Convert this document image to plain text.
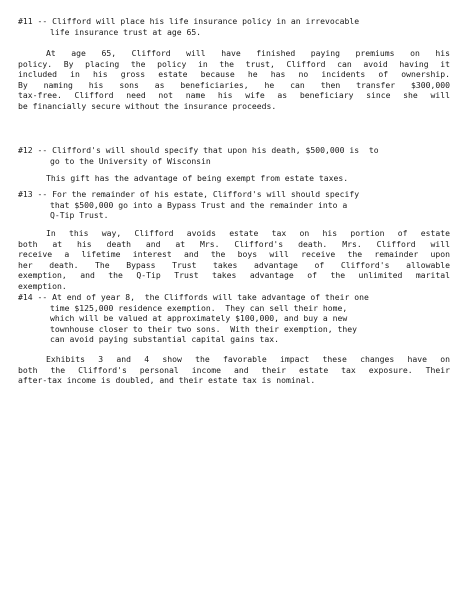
#11 -- Clifford will place his life insurance policy in an irrevocable
life insurance trust at age 65.
At age 65, Clifford will have finished paying premiums on his
policy. By placing the policy in the trust, Clifford can avoid having it
included in his gross estate because he has no incidents of ownership.
By naming his sons as beneficiaries, he can then transfer $300,000
tax-free. Clifford need not name his wife as beneficiary since she will
be financially secure without the insurance proceeds.
#12 -- Clifford's will should specify that upon his death, $500,000 is  to
go to the University of Wisconsin
This gift has the advantage of being exempt from estate taxes.
#13 -- For the remainder of his estate, Clifford's will should specify
that $500,000 go into a Bypass Trust and the remainder into a
Q-Tip Trust.
In this way, Clifford avoids estate tax on his portion of estate
both at his death and at Mrs. Clifford's death. Mrs. Clifford will
receive a lifetime interest and the boys will receive the remainder upon
her death. The Bypass Trust takes advantage of Clifford's allowable
exemption, and the Q-Tip Trust takes advantage of the unlimited marital
exemption.
#14 -- At end of year 8,  the Cliffords will take advantage of their one
time $125,000 residence exemption.  They can sell their home,
which will be valued at approximately $100,000, and buy a new
townhouse closer to their two sons.  With their exemption, they
can avoid paying substantial capital gains tax.
Exhibits 3 and 4 show the favorable impact these changes have on
both the Clifford's personal income and their estate tax exposure. Their
after-tax income is doubled, and their estate tax is nominal.
